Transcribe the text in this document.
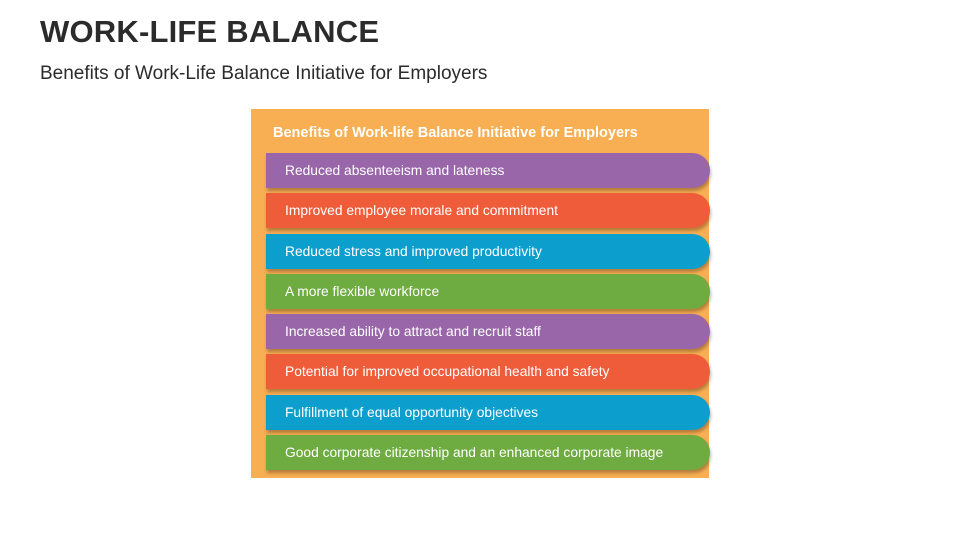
WORK-LIFE BALANCE
Benefits of Work-Life Balance Initiative for Employers
Benefits of Work-life Balance Initiative for Employers
Reduced absenteeism and lateness
Improved employee morale and commitment
Reduced stress and improved productivity
A more flexible workforce
Increased ability to attract and recruit staff
Potential for improved occupational health and safety
Fulfillment of equal opportunity objectives
Good corporate citizenship and an enhanced corporate image
